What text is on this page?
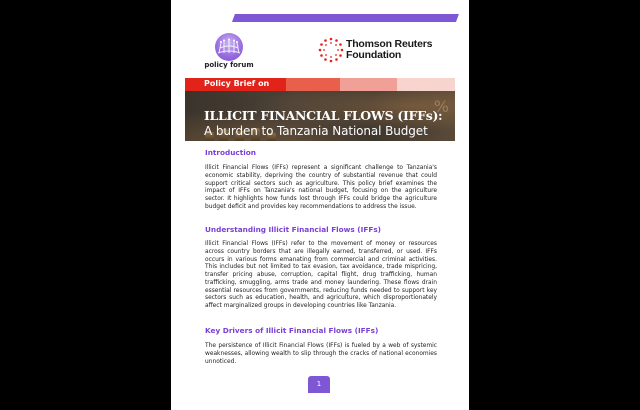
policy forum
Thomson Reuters
Foundation
Policy Brief on
%
ILLICIT FINANCIAL FLOWS (IFFs):
A burden to Tanzania National Budget
Introduction

Illicit Financial Flows (IFFs) represent a significant challenge to Tanzania's economic stability, depriving the country of substantial revenue that could support critical sectors such as agriculture. This policy brief examines the impact of IFFs on Tanzania's national budget, focusing on the agriculture sector. It highlights how funds lost through IFFs could bridge the agriculture budget deficit and provides key recommendations to address the issue.

Understanding Illicit Financial Flows (IFFs)

Illicit Financial Flows (IFFs) refer to the movement of money or resources across country borders that are illegally earned, transferred, or used. IFFs occurs in various forms emanating from commercial and criminal activities. This includes but not limited to tax evasion, tax avoidance, trade mispricing, transfer pricing abuse, corruption, capital flight, drug trafficking, human trafficking, smuggling, arms trade and money laundering. These flows drain essential resources from governments, reducing funds needed to support key sectors such as education, health, and agriculture, which disproportionately affect marginalized groups in developing countries like Tanzania.

Key Drivers of Illicit Financial Flows (IFFs)

The persistence of Illicit Financial Flows (IFFs) is fueled by a web of systemic weaknesses, allowing wealth to slip through the cracks of national economies unnoticed.

1
